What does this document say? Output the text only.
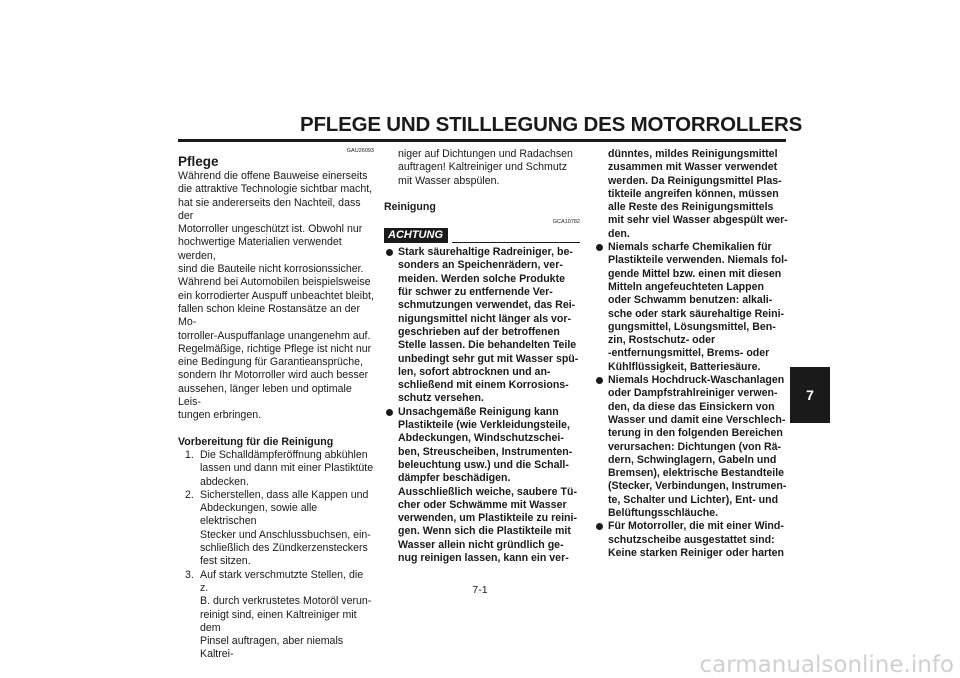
PFLEGE UND STILLLEGUNG DES MOTORROLLERS
7
7-1
GAU26093
Pflege
Während die offene Bauweise einerseits
die attraktive Technologie sichtbar macht,
hat sie andererseits den Nachteil, dass der
Motorroller ungeschützt ist. Obwohl nur
hochwertige Materialien verwendet werden,
sind die Bauteile nicht korrosionssicher.
Während bei Automobilen beispielsweise
ein korrodierter Auspuff unbeachtet bleibt,
fallen schon kleine Rostansätze an der Mo-
torroller-Auspuffanlage unangenehm auf.
Regelmäßige, richtige Pflege ist nicht nur
eine Bedingung für Garantieansprüche,
sondern Ihr Motorroller wird auch besser
aussehen, länger leben und optimale Leis-
tungen erbringen.
Vorbereitung für die Reinigung
1. Die Schalldämpferöffnung abkühlen
lassen und dann mit einer Plastiktüte
abdecken.
2. Sicherstellen, dass alle Kappen und
Abdeckungen, sowie alle elektrischen
Stecker und Anschlussbuchsen, ein-
schließlich des Zündkerzensteckers
fest sitzen.
3. Auf stark verschmutzte Stellen, die z.
B. durch verkrustetes Motoröl verun-
reinigt sind, einen Kaltreiniger mit dem
Pinsel auftragen, aber niemals Kaltrei-
niger auf Dichtungen und Radachsen
auftragen! Kaltreiniger und Schmutz
mit Wasser abspülen.
Reinigung
GCA10782
ACHTUNG
Stark säurehaltige Radreiniger, be-
sonders an Speichenrädern, ver-
meiden. Werden solche Produkte
für schwer zu entfernende Ver-
schmutzungen verwendet, das Rei-
nigungsmittel nicht länger als vor-
geschrieben auf der betroffenen
Stelle lassen. Die behandelten Teile
unbedingt sehr gut mit Wasser spü-
len, sofort abtrocknen und an-
schließend mit einem Korrosions-
schutz versehen.
Unsachgemäße Reinigung kann
Plastikteile (wie Verkleidungsteile,
Abdeckungen, Windschutzschei-
ben, Streuscheiben, Instrumenten-
beleuchtung usw.) und die Schall-
dämpfer beschädigen.
Ausschließlich weiche, saubere Tü-
cher oder Schwämme mit Wasser
verwenden, um Plastikteile zu reini-
gen. Wenn sich die Plastikteile mit
Wasser allein nicht gründlich ge-
nug reinigen lassen, kann ein ver-
dünntes, mildes Reinigungsmittel
zusammen mit Wasser verwendet
werden. Da Reinigungsmittel Plas-
tikteile angreifen können, müssen
alle Reste des Reinigungsmittels
mit sehr viel Wasser abgespült wer-
den.
Niemals scharfe Chemikalien für
Plastikteile verwenden. Niemals fol-
gende Mittel bzw. einen mit diesen
Mitteln angefeuchteten Lappen
oder Schwamm benutzen: alkali-
sche oder stark säurehaltige Reini-
gungsmittel, Lösungsmittel, Ben-
zin, Rostschutz- oder
-entfernungsmittel, Brems- oder
Kühlflüssigkeit, Batteriesäure.
Niemals Hochdruck-Waschanlagen
oder Dampfstrahlreiniger verwen-
den, da diese das Einsickern von
Wasser und damit eine Verschlech-
terung in den folgenden Bereichen
verursachen: Dichtungen (von Rä-
dern, Schwinglagern, Gabeln und
Bremsen), elektrische Bestandteile
(Stecker, Verbindungen, Instrumen-
te, Schalter und Lichter), Ent- und
Belüftungsschläuche.
Für Motorroller, die mit einer Wind-
schutzscheibe ausgestattet sind:
Keine starken Reiniger oder harten
carmanualsonline.info
